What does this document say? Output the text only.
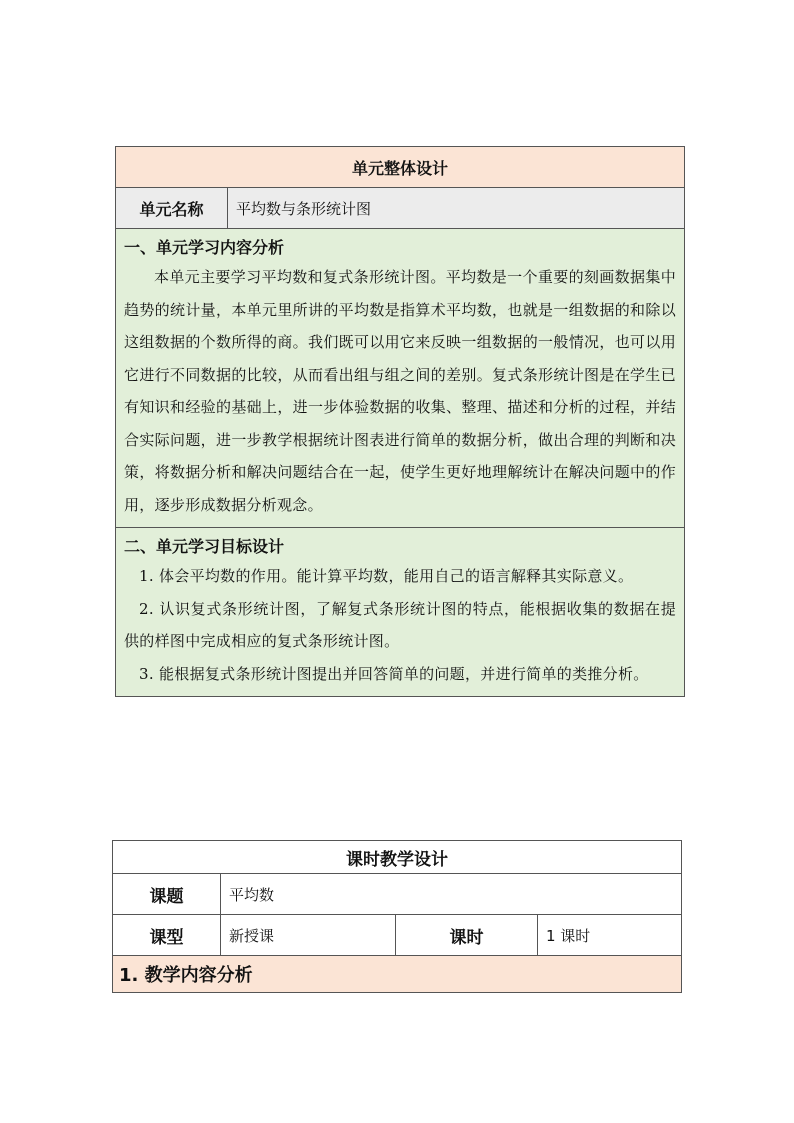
单元整体设计
单元名称	平均数与条形统计图

一、单元学习内容分析

本单元主要学习平均数和复式条形统计图。平均数是一个重要的刻画数据集中趋势的统计量，本单元里所讲的平均数是指算术平均数，也就是一组数据的和除以这组数据的个数所得的商。我们既可以用它来反映一组数据的一般情况，也可以用它进行不同数据的比较，从而看出组与组之间的差别。复式条形统计图是在学生已有知识和经验的基础上，进一步体验数据的收集、整理、描述和分析的过程，并结合实际问题，进一步教学根据统计图表进行简单的数据分析，做出合理的判断和决策，将数据分析和解决问题结合在一起，使学生更好地理解统计在解决问题中的作用，逐步形成数据分析观念。

二、单元学习目标设计

1. 体会平均数的作用。能计算平均数，能用自己的语言解释其实际意义。

2. 认识复式条形统计图，了解复式条形统计图的特点，能根据收集的数据在提供的样图中完成相应的复式条形统计图。

3. 能根据复式条形统计图提出并回答简单的问题，并进行简单的类推分析。

课时教学设计			
课题	平均数		
课型	新授课	课时	1 课时
1. 教学内容分析			
